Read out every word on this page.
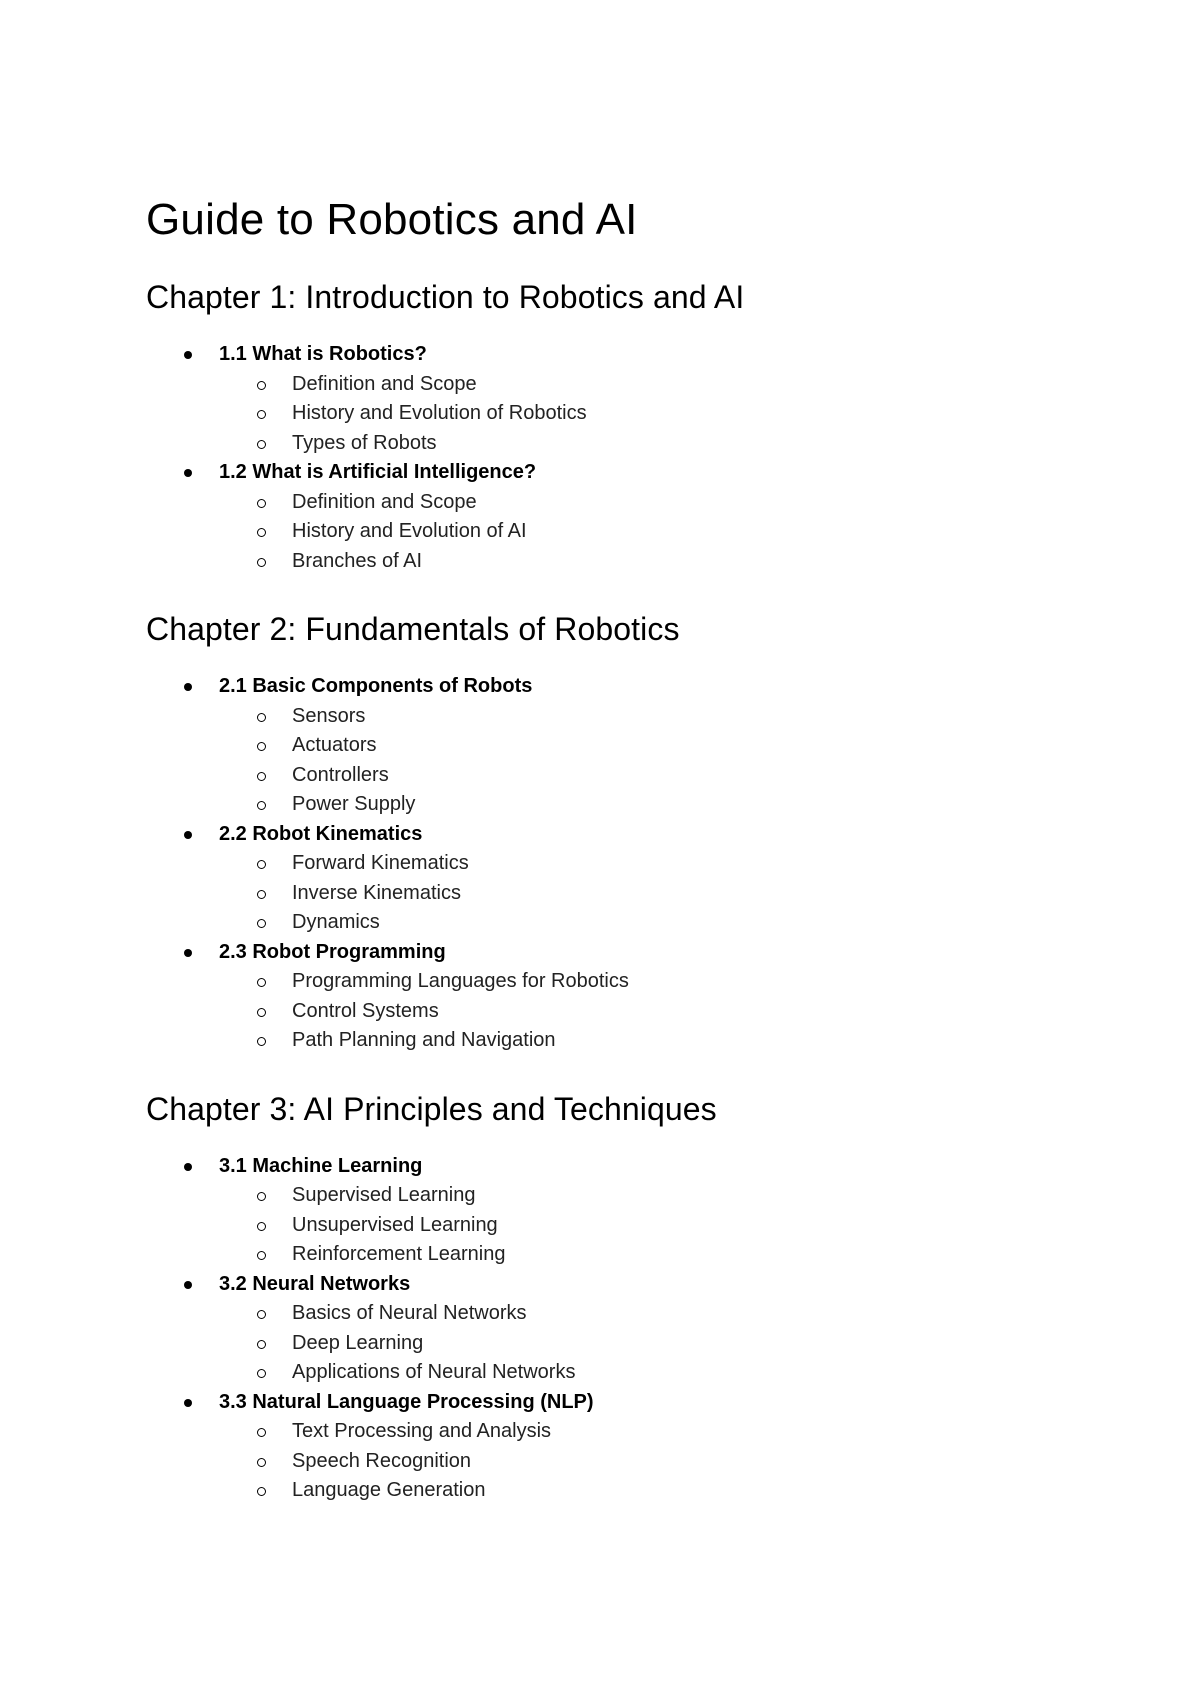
Guide to Robotics and AI
Chapter 1: Introduction to Robotics and AI
1.1 What is Robotics?
Definition and Scope
History and Evolution of Robotics
Types of Robots
1.2 What is Artificial Intelligence?
Definition and Scope
History and Evolution of AI
Branches of AI
Chapter 2: Fundamentals of Robotics
2.1 Basic Components of Robots
Sensors
Actuators
Controllers
Power Supply
2.2 Robot Kinematics
Forward Kinematics
Inverse Kinematics
Dynamics
2.3 Robot Programming
Programming Languages for Robotics
Control Systems
Path Planning and Navigation
Chapter 3: AI Principles and Techniques
3.1 Machine Learning
Supervised Learning
Unsupervised Learning
Reinforcement Learning
3.2 Neural Networks
Basics of Neural Networks
Deep Learning
Applications of Neural Networks
3.3 Natural Language Processing (NLP)
Text Processing and Analysis
Speech Recognition
Language Generation
